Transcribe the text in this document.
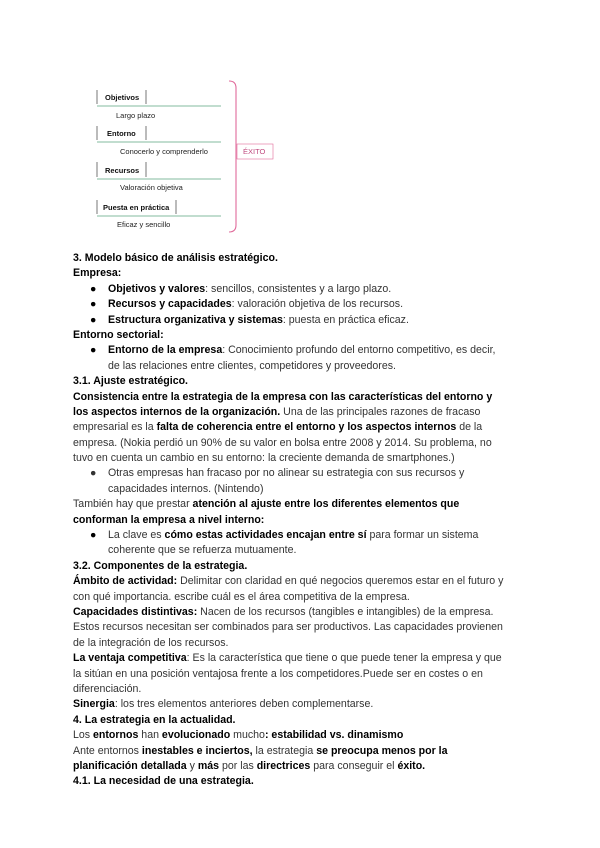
Objetivos
Largo plazo
Entorno
Conocerlo y comprenderlo
Recursos
Valoración objetiva
Puesta en práctica
Eficaz y sencillo
ÉXITO
3. Modelo básico de análisis estratégico.
Empresa:
● Objetivos y valores: sencillos, consistentes y a largo plazo.
● Recursos y capacidades: valoración objetiva de los recursos.
● Estructura organizativa y sistemas: puesta en práctica eficaz.
Entorno sectorial:
● Entorno de la empresa: Conocimiento profundo del entorno competitivo, es decir,
de las relaciones entre clientes, competidores y proveedores.
3.1. Ajuste estratégico.
Consistencia entre la estrategia de la empresa con las características del entorno y
los aspectos internos de la organización. Una de las principales razones de fracaso
empresarial es la falta de coherencia entre el entorno y los aspectos internos de la
empresa. (Nokia perdió un 90% de su valor en bolsa entre 2008 y 2014. Su problema, no
tuvo en cuenta un cambio en su entorno: la creciente demanda de smartphones.)
● Otras empresas han fracaso por no alinear su estrategia con sus recursos y
capacidades internos. (Nintendo)
También hay que prestar atención al ajuste entre los diferentes elementos que
conforman la empresa a nivel interno:
● La clave es cómo estas actividades encajan entre sí para formar un sistema
coherente que se refuerza mutuamente.
3.2. Componentes de la estrategia.
Ámbito de actividad: Delimitar con claridad en qué negocios queremos estar en el futuro y
con qué importancia. escribe cuál es el área competitiva de la empresa.
Capacidades distintivas: Nacen de los recursos (tangibles e intangibles) de la empresa.
Estos recursos necesitan ser combinados para ser productivos. Las capacidades provienen
de la integración de los recursos.
La ventaja competitiva: Es la característica que tiene o que puede tener la empresa y que
la sitúan en una posición ventajosa frente a los competidores.Puede ser en costes o en
diferenciación.
Sinergia: los tres elementos anteriores deben complementarse.
4. La estrategia en la actualidad.
Los entornos han evolucionado mucho: estabilidad vs. dinamismo
Ante entornos inestables e inciertos, la estrategia se preocupa menos por la
planificación detallada y más por las directrices para conseguir el éxito.
4.1. La necesidad de una estrategia.
